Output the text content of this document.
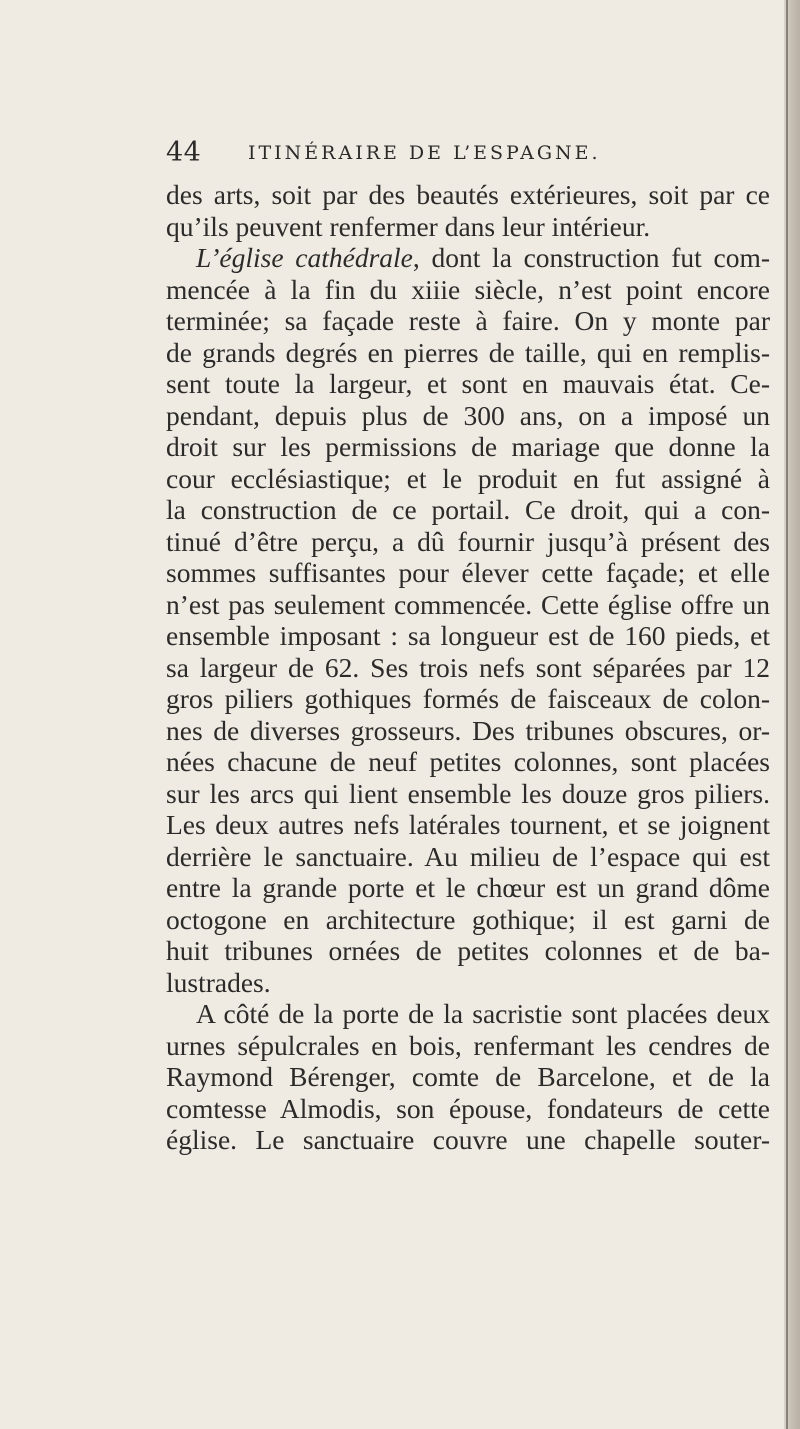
44 ITINÉRAIRE DE L’ESPAGNE.
des arts, soit par des beautés extérieures, soit par ce
qu’ils peuvent renfermer dans leur intérieur.
L’église cathédrale, dont la construction fut com-
mencée à la fin du xiiie siècle, n’est point encore
terminée; sa façade reste à faire. On y monte par
de grands degrés en pierres de taille, qui en remplis-
sent toute la largeur, et sont en mauvais état. Ce-
pendant, depuis plus de 300 ans, on a imposé un
droit sur les permissions de mariage que donne la
cour ecclésiastique; et le produit en fut assigné à
la construction de ce portail. Ce droit, qui a con-
tinué d’être perçu, a dû fournir jusqu’à présent des
sommes suffisantes pour élever cette façade; et elle
n’est pas seulement commencée. Cette église offre un
ensemble imposant : sa longueur est de 160 pieds, et
sa largeur de 62. Ses trois nefs sont séparées par 12
gros piliers gothiques formés de faisceaux de colon-
nes de diverses grosseurs. Des tribunes obscures, or-
nées chacune de neuf petites colonnes, sont placées
sur les arcs qui lient ensemble les douze gros piliers.
Les deux autres nefs latérales tournent, et se joignent
derrière le sanctuaire. Au milieu de l’espace qui est
entre la grande porte et le chœur est un grand dôme
octogone en architecture gothique; il est garni de
huit tribunes ornées de petites colonnes et de ba-
lustrades.
A côté de la porte de la sacristie sont placées deux
urnes sépulcrales en bois, renfermant les cendres de
Raymond Bérenger, comte de Barcelone, et de la
comtesse Almodis, son épouse, fondateurs de cette
église. Le sanctuaire couvre une chapelle souter-
